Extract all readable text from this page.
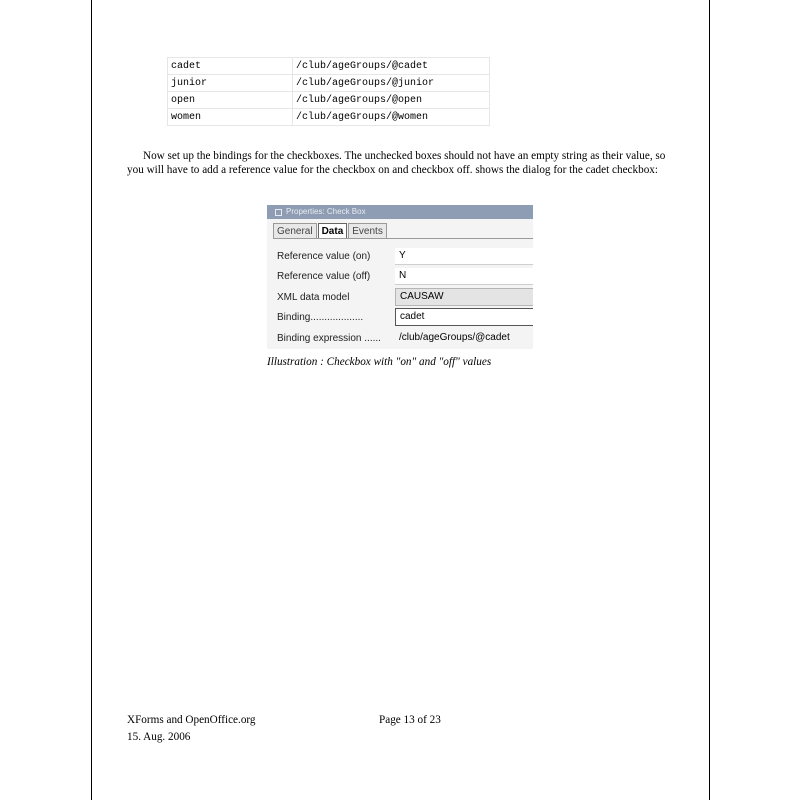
cadet	/club/ageGroups/@cadet
junior	/club/ageGroups/@junior
open	/club/ageGroups/@open
women	/club/ageGroups/@women

Now set up the bindings for the checkboxes. The unchecked boxes should not have an empty string as their value, so you will have to add a reference value for the checkbox on and checkbox off. shows the dialog for the cadet checkbox:

Properties: Check Box
General Data Events
Reference value (on)	Y
Reference value (off)	N
XML data model	CAUSAW
Binding...................	cadet
Binding expression ......	/club/ageGroups/@cadet
Illustration : Checkbox with "on" and "off" values
XForms and OpenOffice.org
15. Aug. 2006
Page 13 of 23
